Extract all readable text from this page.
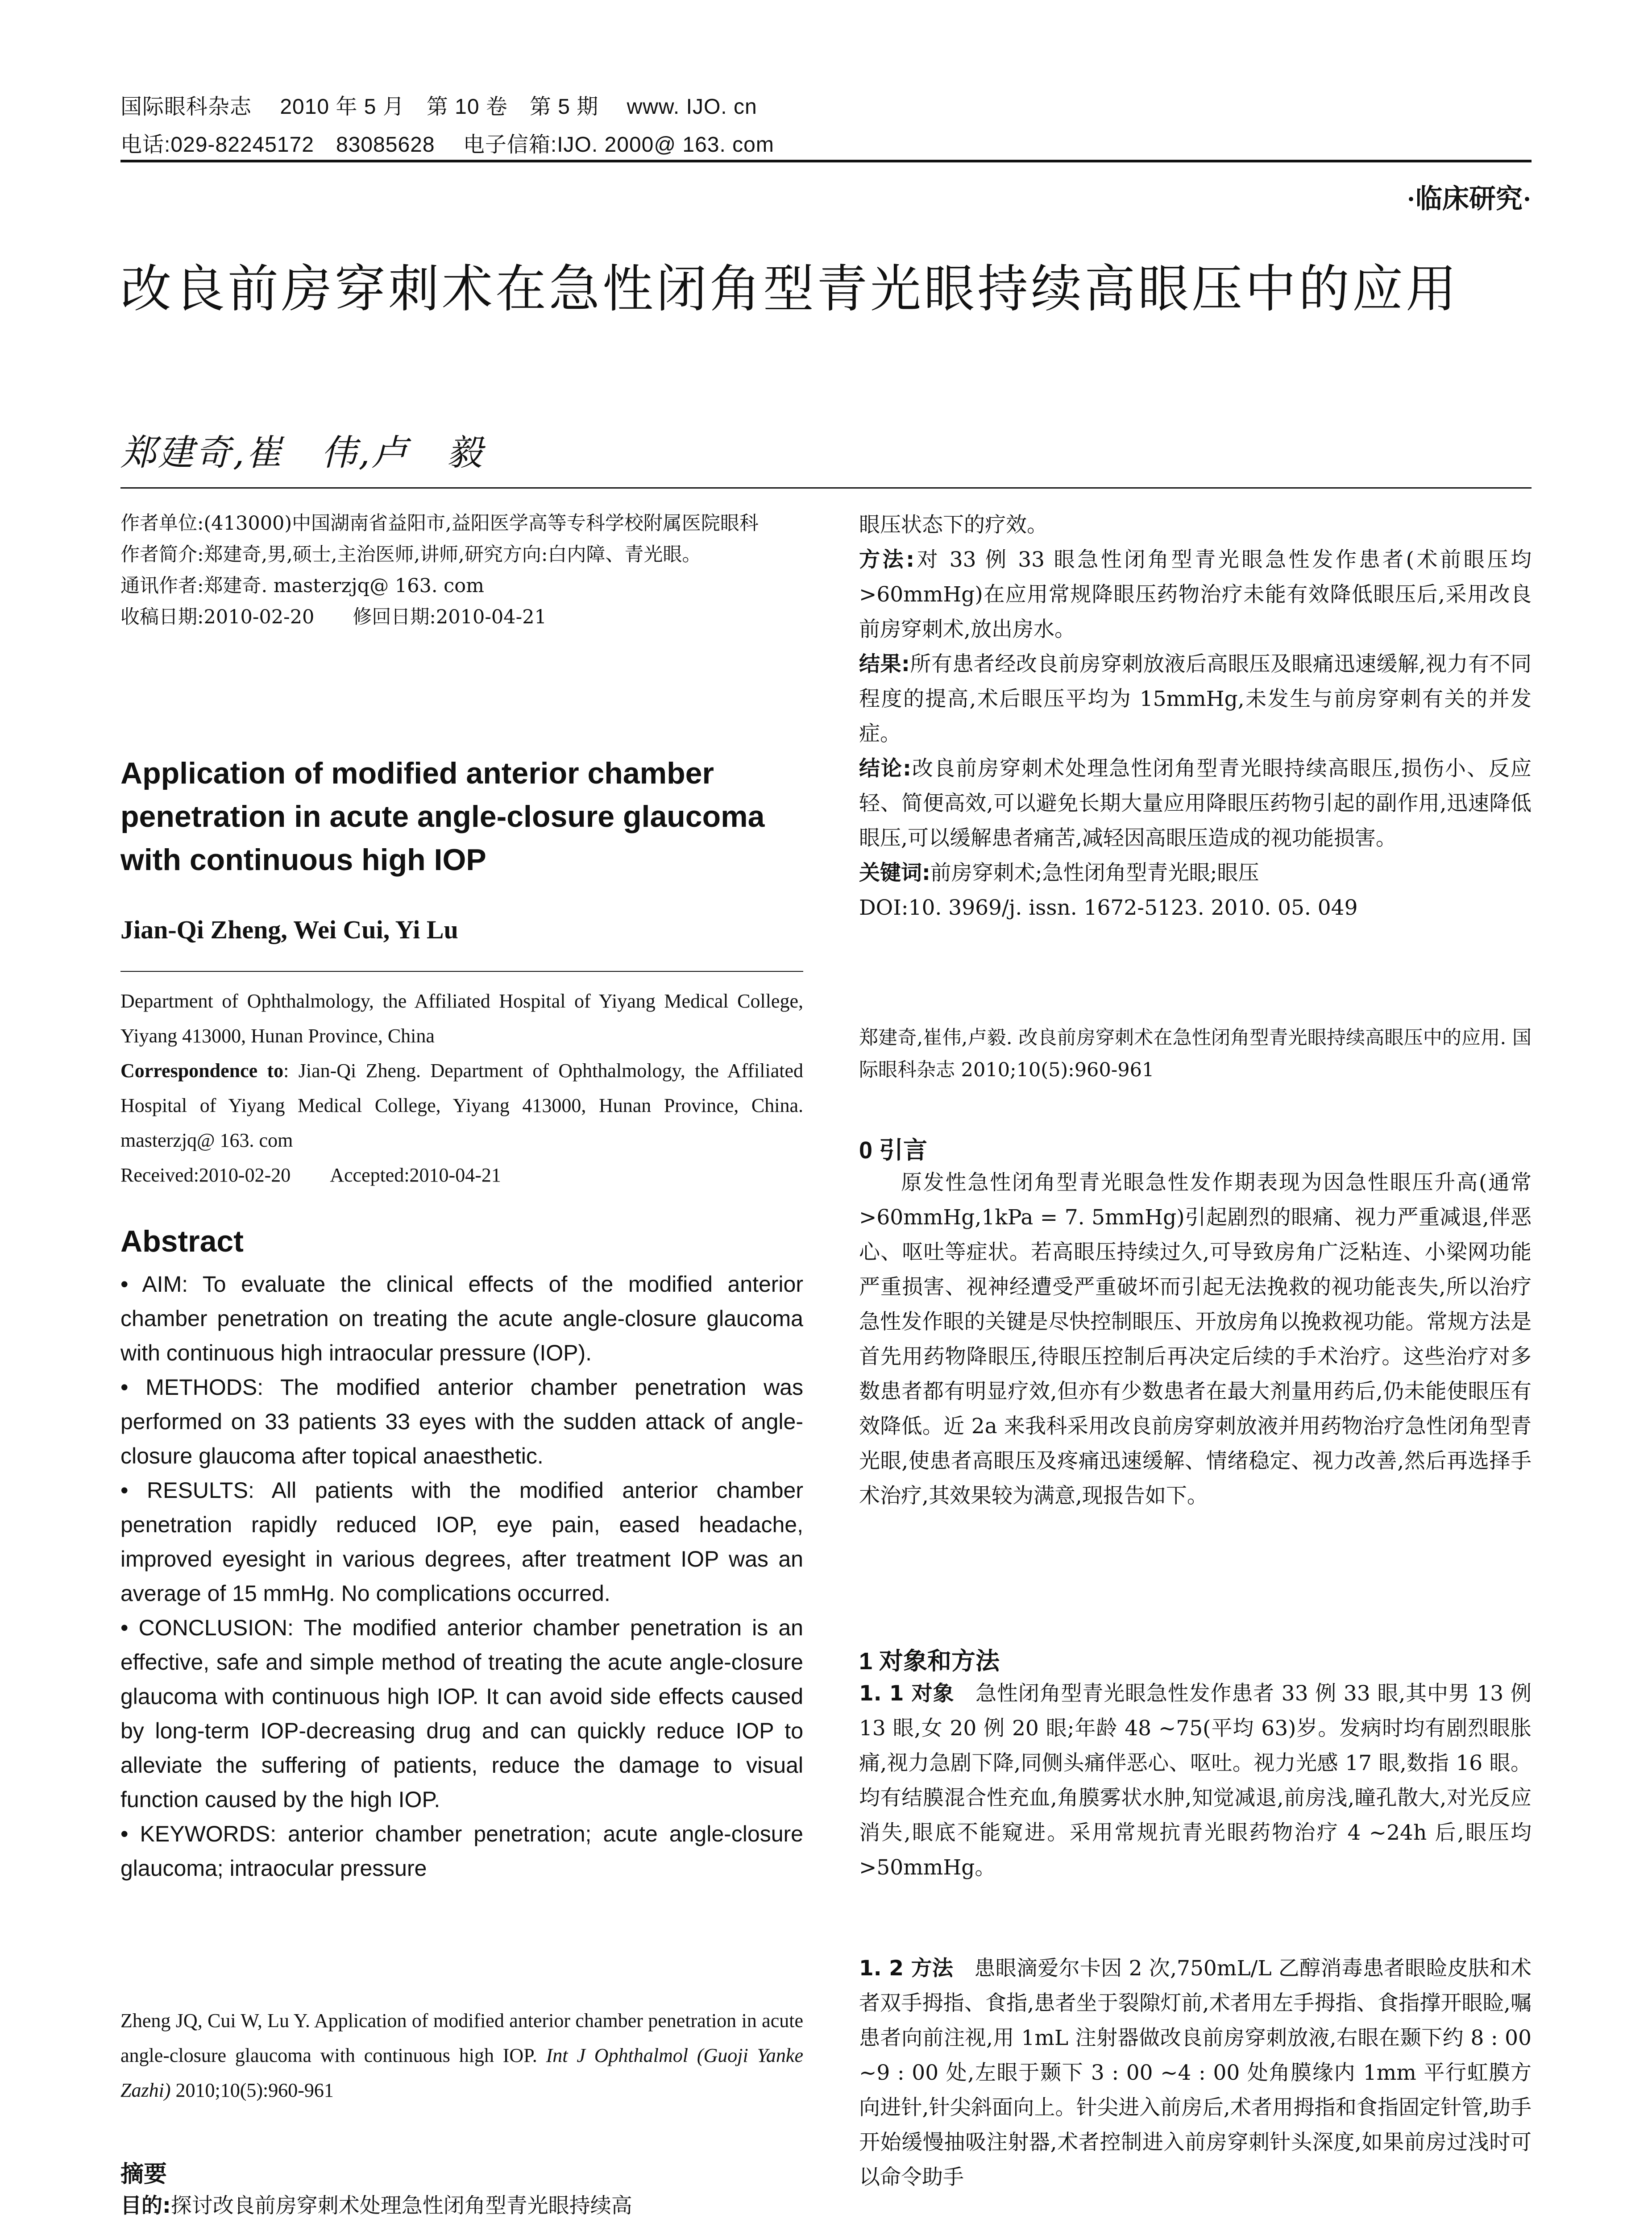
国际眼科杂志　 2010 年 5 月　第 10 卷　第 5 期　 www. IJO. cn
电话:029-82245172　83085628　 电子信箱:IJO. 2000@ 163. com
·临床研究·
改良前房穿刺术在急性闭角型青光眼持续高眼压中的应用
郑建奇,崔　伟,卢　毅

作者单位:(413000)中国湖南省益阳市,益阳医学高等专科学校附属医院眼科

作者简介:郑建奇,男,硕士,主治医师,讲师,研究方向:白内障、青光眼。

通讯作者:郑建奇. masterzjq@ 163. com

收稿日期:2010-02-20　　修回日期:2010-04-21

Application of modified anterior chamber penetration in acute angle-closure glaucoma with continuous high IOP

Jian-Qi Zheng, Wei Cui, Yi Lu

Department of Ophthalmology, the Affiliated Hospital of Yiyang Medical College, Yiyang 413000, Hunan Province, China

Correspondence to: Jian-Qi Zheng. Department of Ophthalmology, the Affiliated Hospital of Yiyang Medical College, Yiyang 413000, Hunan Province, China. masterzjq@ 163. com

Received:2010-02-20　　Accepted:2010-04-21

Abstract

• AIM: To evaluate the clinical effects of the modified anterior chamber penetration on treating the acute angle-closure glaucoma with continuous high intraocular pressure (IOP).

• METHODS: The modified anterior chamber penetration was performed on 33 patients 33 eyes with the sudden attack of angle-closure glaucoma after topical anaesthetic.

• RESULTS: All patients with the modified anterior chamber penetration rapidly reduced IOP, eye pain, eased headache, improved eyesight in various degrees, after treatment IOP was an average of 15 mmHg. No complications occurred.

• CONCLUSION: The modified anterior chamber penetration is an effective, safe and simple method of treating the acute angle-closure glaucoma with continuous high IOP. It can avoid side effects caused by long-term IOP-decreasing drug and can quickly reduce IOP to alleviate the suffering of patients, reduce the damage to visual function caused by the high IOP.

• KEYWORDS: anterior chamber penetration; acute angle-closure glaucoma; intraocular pressure

Zheng JQ, Cui W, Lu Y. Application of modified anterior chamber penetration in acute angle-closure glaucoma with continuous high IOP. Int J Ophthalmol (Guoji Yanke Zazhi) 2010;10(5):960-961

摘要

目的:探讨改良前房穿刺术处理急性闭角型青光眼持续高

眼压状态下的疗效。

方法:对 33 例 33 眼急性闭角型青光眼急性发作患者(术前眼压均 >60mmHg)在应用常规降眼压药物治疗未能有效降低眼压后,采用改良前房穿刺术,放出房水。

结果:所有患者经改良前房穿刺放液后高眼压及眼痛迅速缓解,视力有不同程度的提高,术后眼压平均为 15mmHg,未发生与前房穿刺有关的并发症。

结论:改良前房穿刺术处理急性闭角型青光眼持续高眼压,损伤小、反应轻、简便高效,可以避免长期大量应用降眼压药物引起的副作用,迅速降低眼压,可以缓解患者痛苦,减轻因高眼压造成的视功能损害。

关键词:前房穿刺术;急性闭角型青光眼;眼压

DOI:10. 3969/j. issn. 1672-5123. 2010. 05. 049

郑建奇,崔伟,卢毅. 改良前房穿刺术在急性闭角型青光眼持续高眼压中的应用. 国际眼科杂志 2010;10(5):960-961

0 引言

原发性急性闭角型青光眼急性发作期表现为因急性眼压升高(通常 >60mmHg,1kPa = 7. 5mmHg)引起剧烈的眼痛、视力严重减退,伴恶心、呕吐等症状。若高眼压持续过久,可导致房角广泛粘连、小梁网功能严重损害、视神经遭受严重破坏而引起无法挽救的视功能丧失,所以治疗急性发作眼的关键是尽快控制眼压、开放房角以挽救视功能。常规方法是首先用药物降眼压,待眼压控制后再决定后续的手术治疗。这些治疗对多数患者都有明显疗效,但亦有少数患者在最大剂量用药后,仍未能使眼压有效降低。近 2a 来我科采用改良前房穿刺放液并用药物治疗急性闭角型青光眼,使患者高眼压及疼痛迅速缓解、情绪稳定、视力改善,然后再选择手术治疗,其效果较为满意,现报告如下。

1 对象和方法

1. 1 对象　急性闭角型青光眼急性发作患者 33 例 33 眼,其中男 13 例 13 眼,女 20 例 20 眼;年龄 48 ~75(平均 63)岁。发病时均有剧烈眼胀痛,视力急剧下降,同侧头痛伴恶心、呕吐。视力光感 17 眼,数指 16 眼。均有结膜混合性充血,角膜雾状水肿,知觉减退,前房浅,瞳孔散大,对光反应消失,眼底不能窥进。采用常规抗青光眼药物治疗 4 ~24h 后,眼压均 >50mmHg。

1. 2 方法　患眼滴爱尔卡因 2 次,750mL/L 乙醇消毒患者眼睑皮肤和术者双手拇指、食指,患者坐于裂隙灯前,术者用左手拇指、食指撑开眼睑,嘱患者向前注视,用 1mL 注射器做改良前房穿刺放液,右眼在颞下约 8 : 00 ~9 : 00 处,左眼于颞下 3 : 00 ~4 : 00 处角膜缘内 1mm 平行虹膜方向进针,针尖斜面向上。针尖进入前房后,术者用拇指和食指固定针管,助手开始缓慢抽吸注射器,术者控制进入前房穿刺针头深度,如果前房过浅时可以命令助手
